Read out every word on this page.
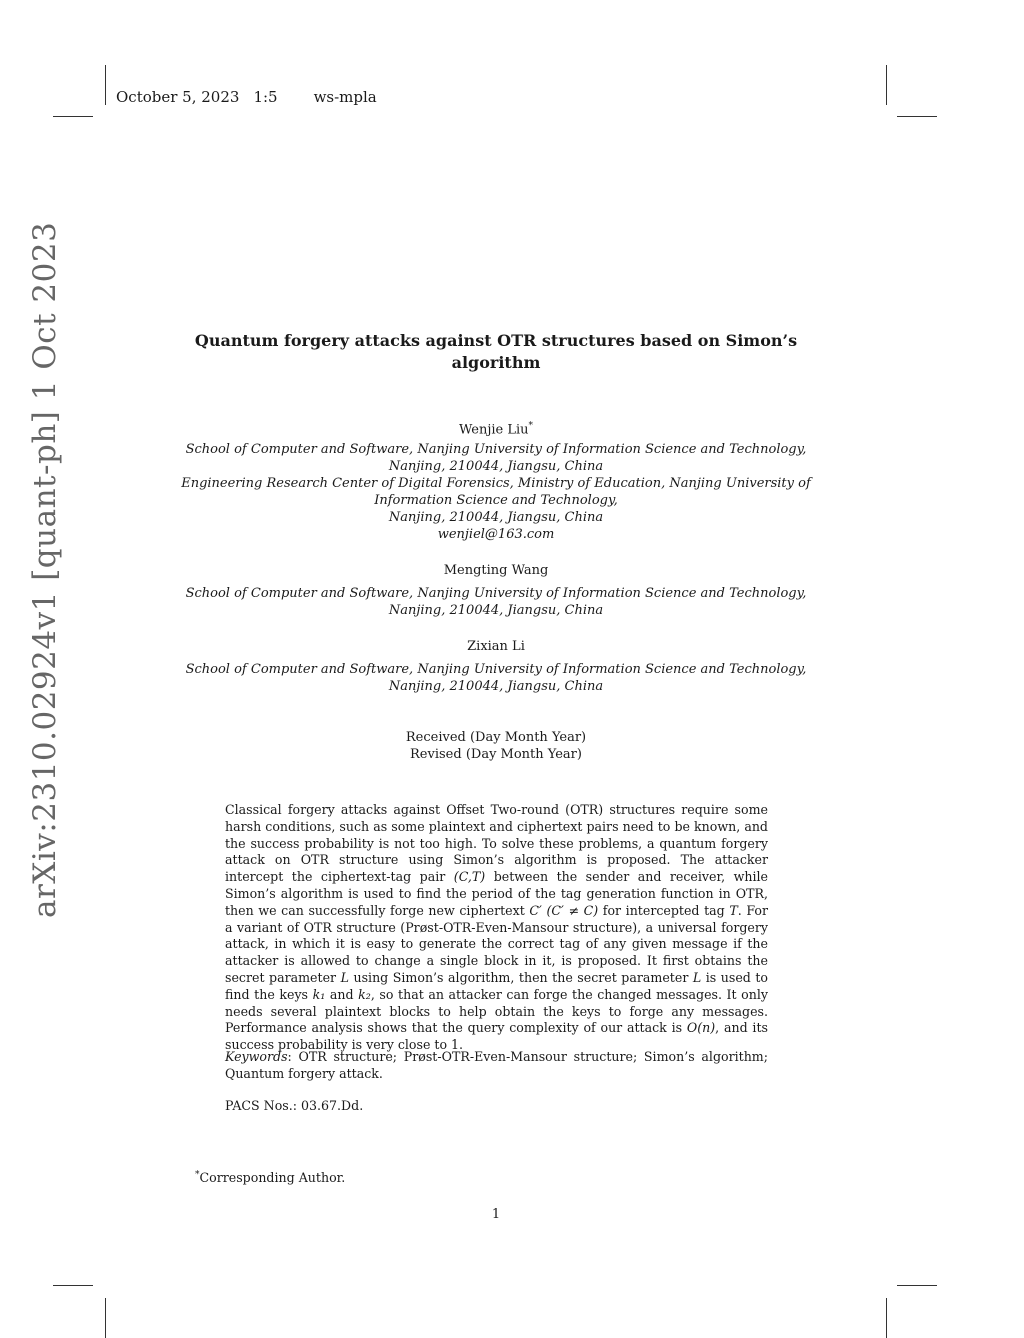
October 5, 2023 1:5 ws-mpla
arXiv:2310.02924v1 [quant-ph] 1 Oct 2023	Quantum forgery attacks against OTR structures based on Simon’s
algorithm
Wenjie Liu*
School of Computer and Software, Nanjing University of Information Science and Technology,
Nanjing, 210044, Jiangsu, China
Engineering Research Center of Digital Forensics, Ministry of Education, Nanjing University of
Information Science and Technology,
Nanjing, 210044, Jiangsu, China
wenjiel@163.com
Mengting Wang
School of Computer and Software, Nanjing University of Information Science and Technology,
Nanjing, 210044, Jiangsu, China
Zixian Li
School of Computer and Software, Nanjing University of Information Science and Technology,
Nanjing, 210044, Jiangsu, China
Received (Day Month Year)
Revised (Day Month Year)

Classical forgery attacks against Offset Two-round (OTR) structures require some harsh conditions, such as some plaintext and ciphertext pairs need to be known, and the success probability is not too high. To solve these problems, a quantum forgery attack on OTR structure using Simon’s algorithm is proposed. The attacker intercept the ciphertext-tag pair (C,T) between the sender and receiver, while Simon’s algorithm is used to find the period of the tag generation function in OTR, then we can successfully forge new ciphertext C′ (C′ ≠ C) for intercepted tag T. For a variant of OTR structure (Prøst-OTR-Even-Mansour structure), a universal forgery attack, in which it is easy to generate the correct tag of any given message if the attacker is allowed to change a single block in it, is proposed. It first obtains the secret parameter L using Simon’s algorithm, then the secret parameter L is used to find the keys k₁ and k₂, so that an attacker can forge the changed messages. It only needs several plaintext blocks to help obtain the keys to forge any messages. Performance analysis shows that the query complexity of our attack is O(n), and its success probability is very close to 1.

Keywords: OTR structure; Prøst-OTR-Even-Mansour structure; Simon’s algorithm; Quantum forgery attack.
PACS Nos.: 03.67.Dd.
*Corresponding Author.
1
